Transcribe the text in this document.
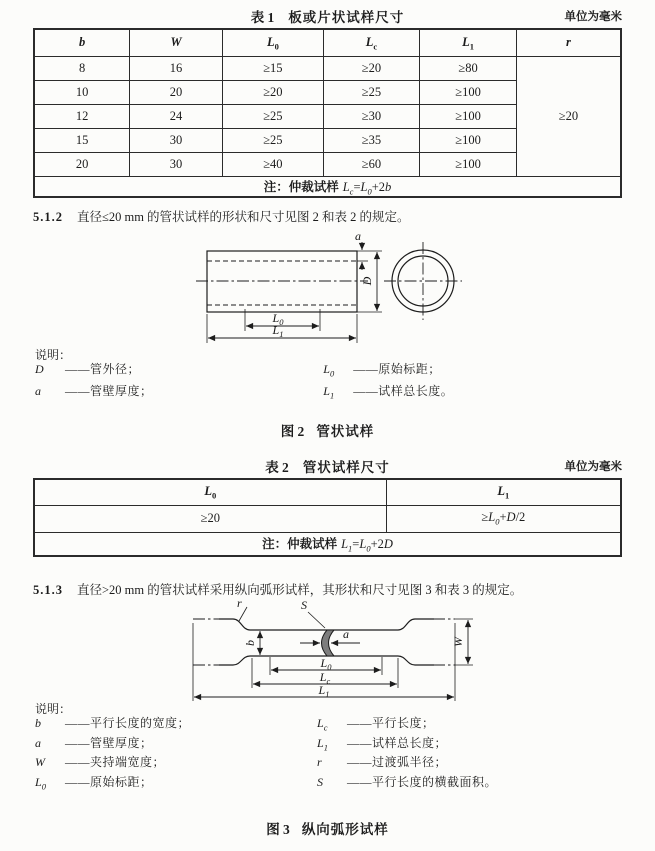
表 1 板或片状试样尺寸	单位为毫米
b	W	$L_0$	$L_c$	$L_1$	r
8	16	≥15	≥20	≥80	≥20
10	20	≥20	≥25	≥100	
12	24	≥25	≥30	≥100	
15	30	≥25	≥35	≥100	
20	30	≥40	≥60	≥100	
注：仲裁试样 $L_c=L_0+2b$					
5.1.2 直径≤20 mm 的管状试样的形状和尺寸见图 2 和表 2 的规定。
a
D
$L_0$
$L_1$
说明：
D	——管外径；
a	——管壁厚度；
$L_0$	——原始标距；
$L_1$	——试样总长度。
图 2 管状试样
表 2 管状试样尺寸	单位为毫米
$L_0$	$L_1$
≥20	$\ge L_0+D/2$
注：仲裁试样 $L_1=L_0+2D$	
5.1.3 直径>20 mm 的管状试样采用纵向弧形试样，其形状和尺寸见图 3 和表 3 的规定。
S
r
a
b	W
$L_0$
$L_c$
$L_1$
说明：
b	——平行长度的宽度；
a	——管壁厚度；
W	——夹持端宽度；
$L_0$	——原始标距；
$L_c$	——平行长度；
$L_1$	——试样总长度；
r	——过渡弧半径；
S	——平行长度的横截面积。
图 3 纵向弧形试样
